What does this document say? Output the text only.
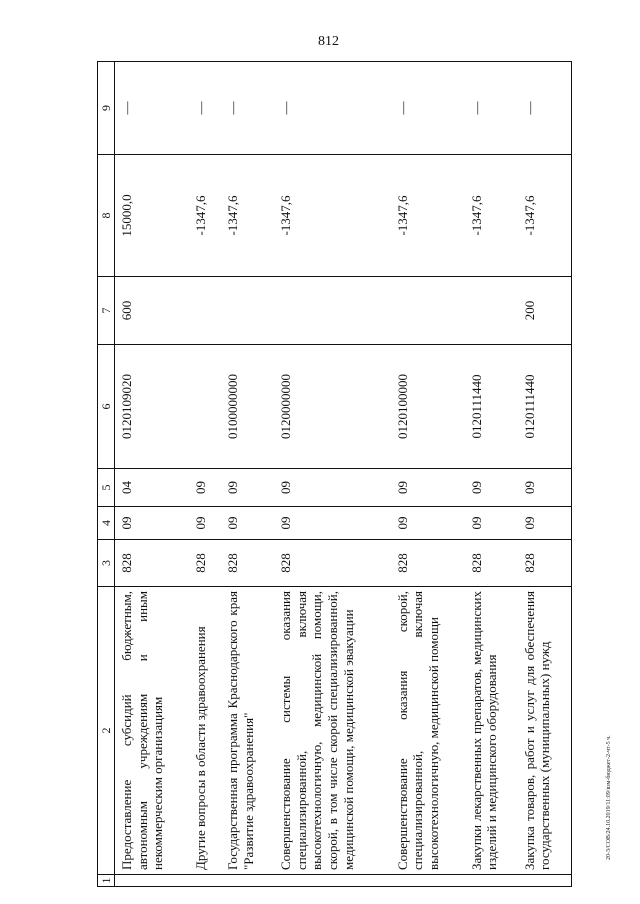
812
20-3/СОВ/24.10.2019/11:09/взм-бюджет-2-чт-5 ч.
1	2	3	4	5	6	7	8	9
	Предоставление субсидий бюджетным, автономным учреждениям и иным некоммерческим организациям	828	09	04	0120109020	600	15000,0	—
	Другие вопросы в области здравоохранения	828	09	09			-1347,6	—
	Государственная программа Краснодарского края "Развитие здравоохранения"	828	09	09	0100000000		-1347,6	—
	Совершенствование системы оказания специализированной, включая высокотехнологичную, медицинской помощи, скорой, в том числе скорой специализированной, медицинской помощи, медицинской эвакуации	828	09	09	0120000000		-1347,6	—
	Совершенствование оказания скорой, специализированной, включая высокотехнологичную, медицинской помощи	828	09	09	0120100000		-1347,6	—
	Закупки лекарственных препаратов, медицинских изделий и медицинского оборудования	828	09	09	0120111440		-1347,6	—
	Закупка товаров, работ и услуг для обеспечения государственных (муниципальных) нужд	828	09	09	0120111440	200	-1347,6	—
